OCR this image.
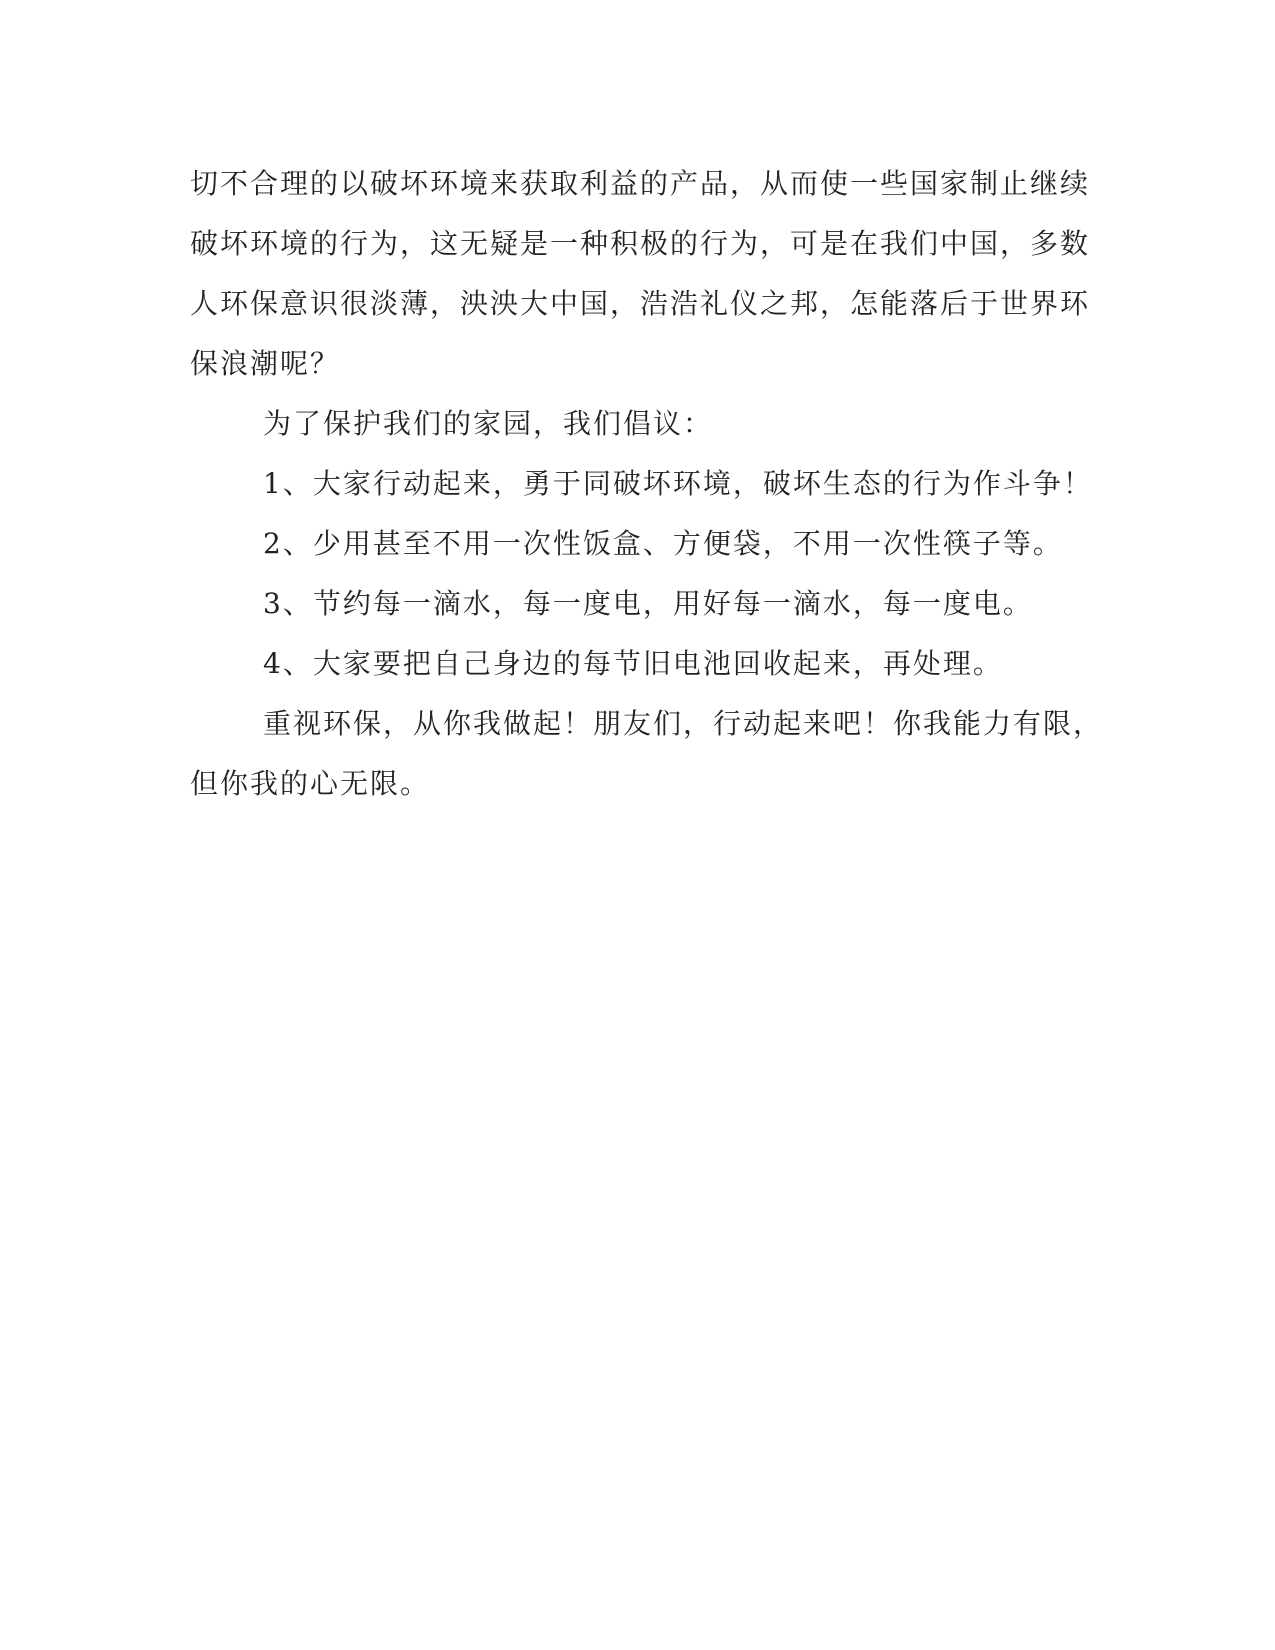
切不合理的以破坏环境来获取利益的产品，从而使一些国家制止继续
破坏环境的行为，这无疑是一种积极的行为，可是在我们中国，多数
人环保意识很淡薄，泱泱大中国，浩浩礼仪之邦，怎能落后于世界环
保浪潮呢？
为了保护我们的家园，我们倡议：
1、大家行动起来，勇于同破坏环境，破坏生态的行为作斗争！
2、少用甚至不用一次性饭盒、方便袋，不用一次性筷子等。
3、节约每一滴水，每一度电，用好每一滴水，每一度电。
4、大家要把自己身边的每节旧电池回收起来，再处理。
重视环保，从你我做起！朋友们，行动起来吧！你我能力有限，
但你我的心无限。
